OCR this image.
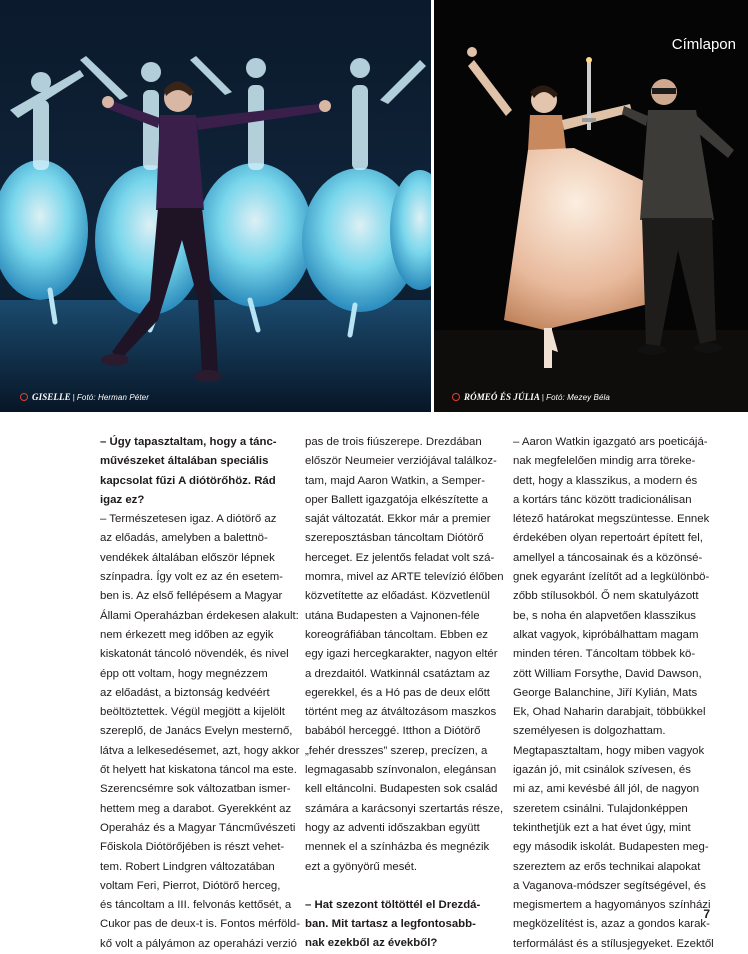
GISELLE | Fotó: Herman Péter
Címlapon
RÓMEÓ ÉS JÚLIA | Fotó: Mezey Béla
– Úgy tapasztaltam, hogy a tánc-
művészeket általában speciális
kapcsolat fűzi A diótörőhöz. Rád
igaz ez?
– Természetesen igaz. A diótörő az
az előadás, amelyben a balettnö-
vendékek általában először lépnek
színpadra. Így volt ez az én esetem-
ben is. Az első fellépésem a Magyar
Állami Operaházban érdekesen alakult:
nem érkezett meg időben az egyik
kiskatonát táncoló növendék, és nivel
épp ott voltam, hogy megnézzem
az előadást, a biztonság kedvéért
beöltöztettek. Végül megjött a kijelölt
szereplő, de Janács Evelyn mesternő,
látva a lelkesedésemet, azt, hogy akkor
őt helyett hat kiskatona táncol ma este.
Szerencsémre sok változatban ismer-
hettem meg a darabot. Gyerekként az
Operaház és a Magyar Táncművészeti
Főiskola Diótörőjében is részt vehet-
tem. Robert Lindgren változatában
voltam Feri, Pierrot, Diótörő herceg,
és táncoltam a III. felvonás kettősét, a
Cukor pas de deux-t is. Fontos mérföld-
kő volt a pályámon az operaházi verzió
pas de trois fiúszerepe. Drezdában
először Neumeier verziójával találkoz-
tam, majd Aaron Watkin, a Semper-
oper Ballett igazgatója elkészítette a
saját változatát. Ekkor már a premier
szereposztásban táncoltam Diótörő
herceget. Ez jelentős feladat volt szá-
momra, mivel az ARTE televízió élőben
közvetítette az előadást. Közvetlenül
utána Budapesten a Vajnonen-féle
koreográfiában táncoltam. Ebben ez
egy igazi hercegkarakter, nagyon eltér
a drezdaitól. Watkinnál csatáztam az
egerekkel, és a Hó pas de deux előtt
történt meg az átváltozásom maszkos
babából herceggé. Itthon a Diótörő
„fehér dresszes” szerep, precízen, a
legmagasabb színvonalon, elegánsan
kell eltáncolni. Budapesten sok család
számára a karácsonyi szertartás része,
hogy az adventi időszakban együtt
mennek el a színházba és megnézik
ezt a gyönyörű mesét.
– Hat szezont töltöttél el Drezdá-
ban. Mit tartasz a legfontosabb-
nak ezekből az évekből?
– Aaron Watkin igazgató ars poeticájá-
nak megfelelően mindig arra törekе-
dett, hogy a klasszikus, a modern és
a kortárs tánc között tradicionálisan
létező határokat megszüntesse. Ennek
érdekében olyan repertoárt épített fel,
amellyel a táncosainak és a közönsé-
gnek egyaránt ízelítőt ad a legkülönbö-
zőbb stílusokból. Ő nem skatulyázott
be, s noha én alapvetően klasszikus
alkat vagyok, kipróbálhattam magam
minden téren. Táncoltam többek kö-
zött William Forsythe, David Dawson,
George Balanchine, Jiří Kylián, Mats
Ek, Ohad Naharin darabjait, többükkel
személyesen is dolgozhattam.
Megtapasztaltam, hogy miben vagyok
igazán jó, mit csinálok szívesen, és
mi az, ami kevésbé áll jól, de nagyon
szeretem csinálni. Tulajdonképpen
tekinthetjük ezt a hat évet úgy, mint
egy második iskolát. Budapesten meg-
szereztem az erős technikai alapokat
a Vaganova-módszer segítségével, és
megismertem a hagyományos színházi
megközelítést is, azaz a gondos karak-
terformálást és a stílusjegyeket. Ezektől
7
